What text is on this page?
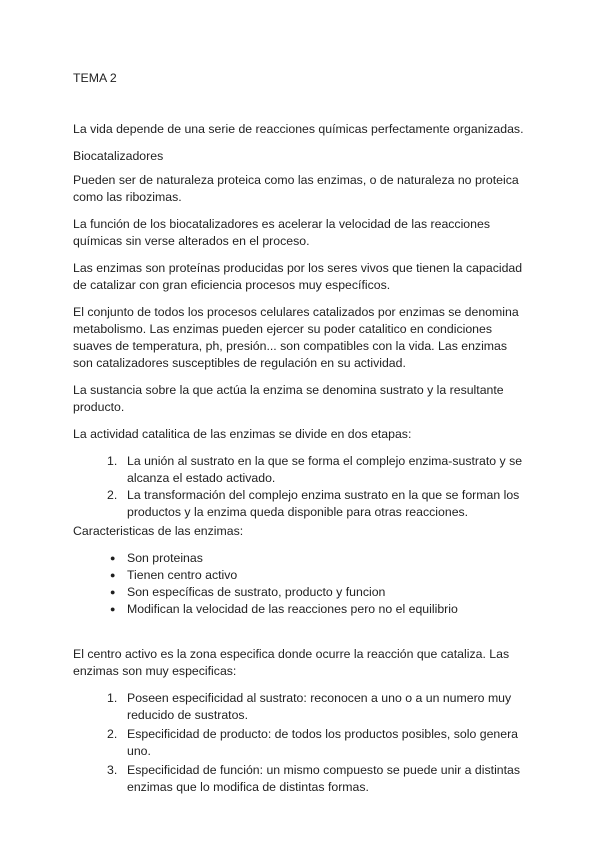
TEMA 2
La vida depende de una serie de reacciones químicas perfectamente organizadas.
Biocatalizadores
Pueden ser de naturaleza proteica como las enzimas, o de naturaleza no proteica como las ribozimas.
La función de los biocatalizadores es acelerar la velocidad de las reacciones químicas sin verse alterados en el proceso.
Las enzimas son proteínas producidas por los seres vivos que tienen la capacidad de catalizar con gran eficiencia procesos muy específicos.
El conjunto de todos los procesos celulares catalizados por enzimas se denomina metabolismo. Las enzimas pueden ejercer su poder catalitico en condiciones suaves de temperatura, ph, presión... son compatibles con la vida. Las enzimas son catalizadores susceptibles de regulación en su actividad.
La sustancia sobre la que actúa la enzima se denomina sustrato y la resultante producto.
La actividad catalitica de las enzimas se divide en dos etapas:
1. La unión al sustrato en la que se forma el complejo enzima-sustrato y se alcanza el estado activado.
2. La transformación del complejo enzima sustrato en la que se forman los productos y la enzima queda disponible para otras reacciones.
Caracteristicas de las enzimas:
● Son proteinas
● Tienen centro activo
● Son específicas de sustrato, producto y funcion
● Modifican la velocidad de las reacciones pero no el equilibrio
El centro activo es la zona especifica donde ocurre la reacción que cataliza. Las enzimas son muy especificas:
1. Poseen especificidad al sustrato: reconocen a uno o a un numero muy reducido de sustratos.
2. Especificidad de producto: de todos los productos posibles, solo genera uno.
3. Especificidad de función: un mismo compuesto se puede unir a distintas enzimas que lo modifica de distintas formas.
